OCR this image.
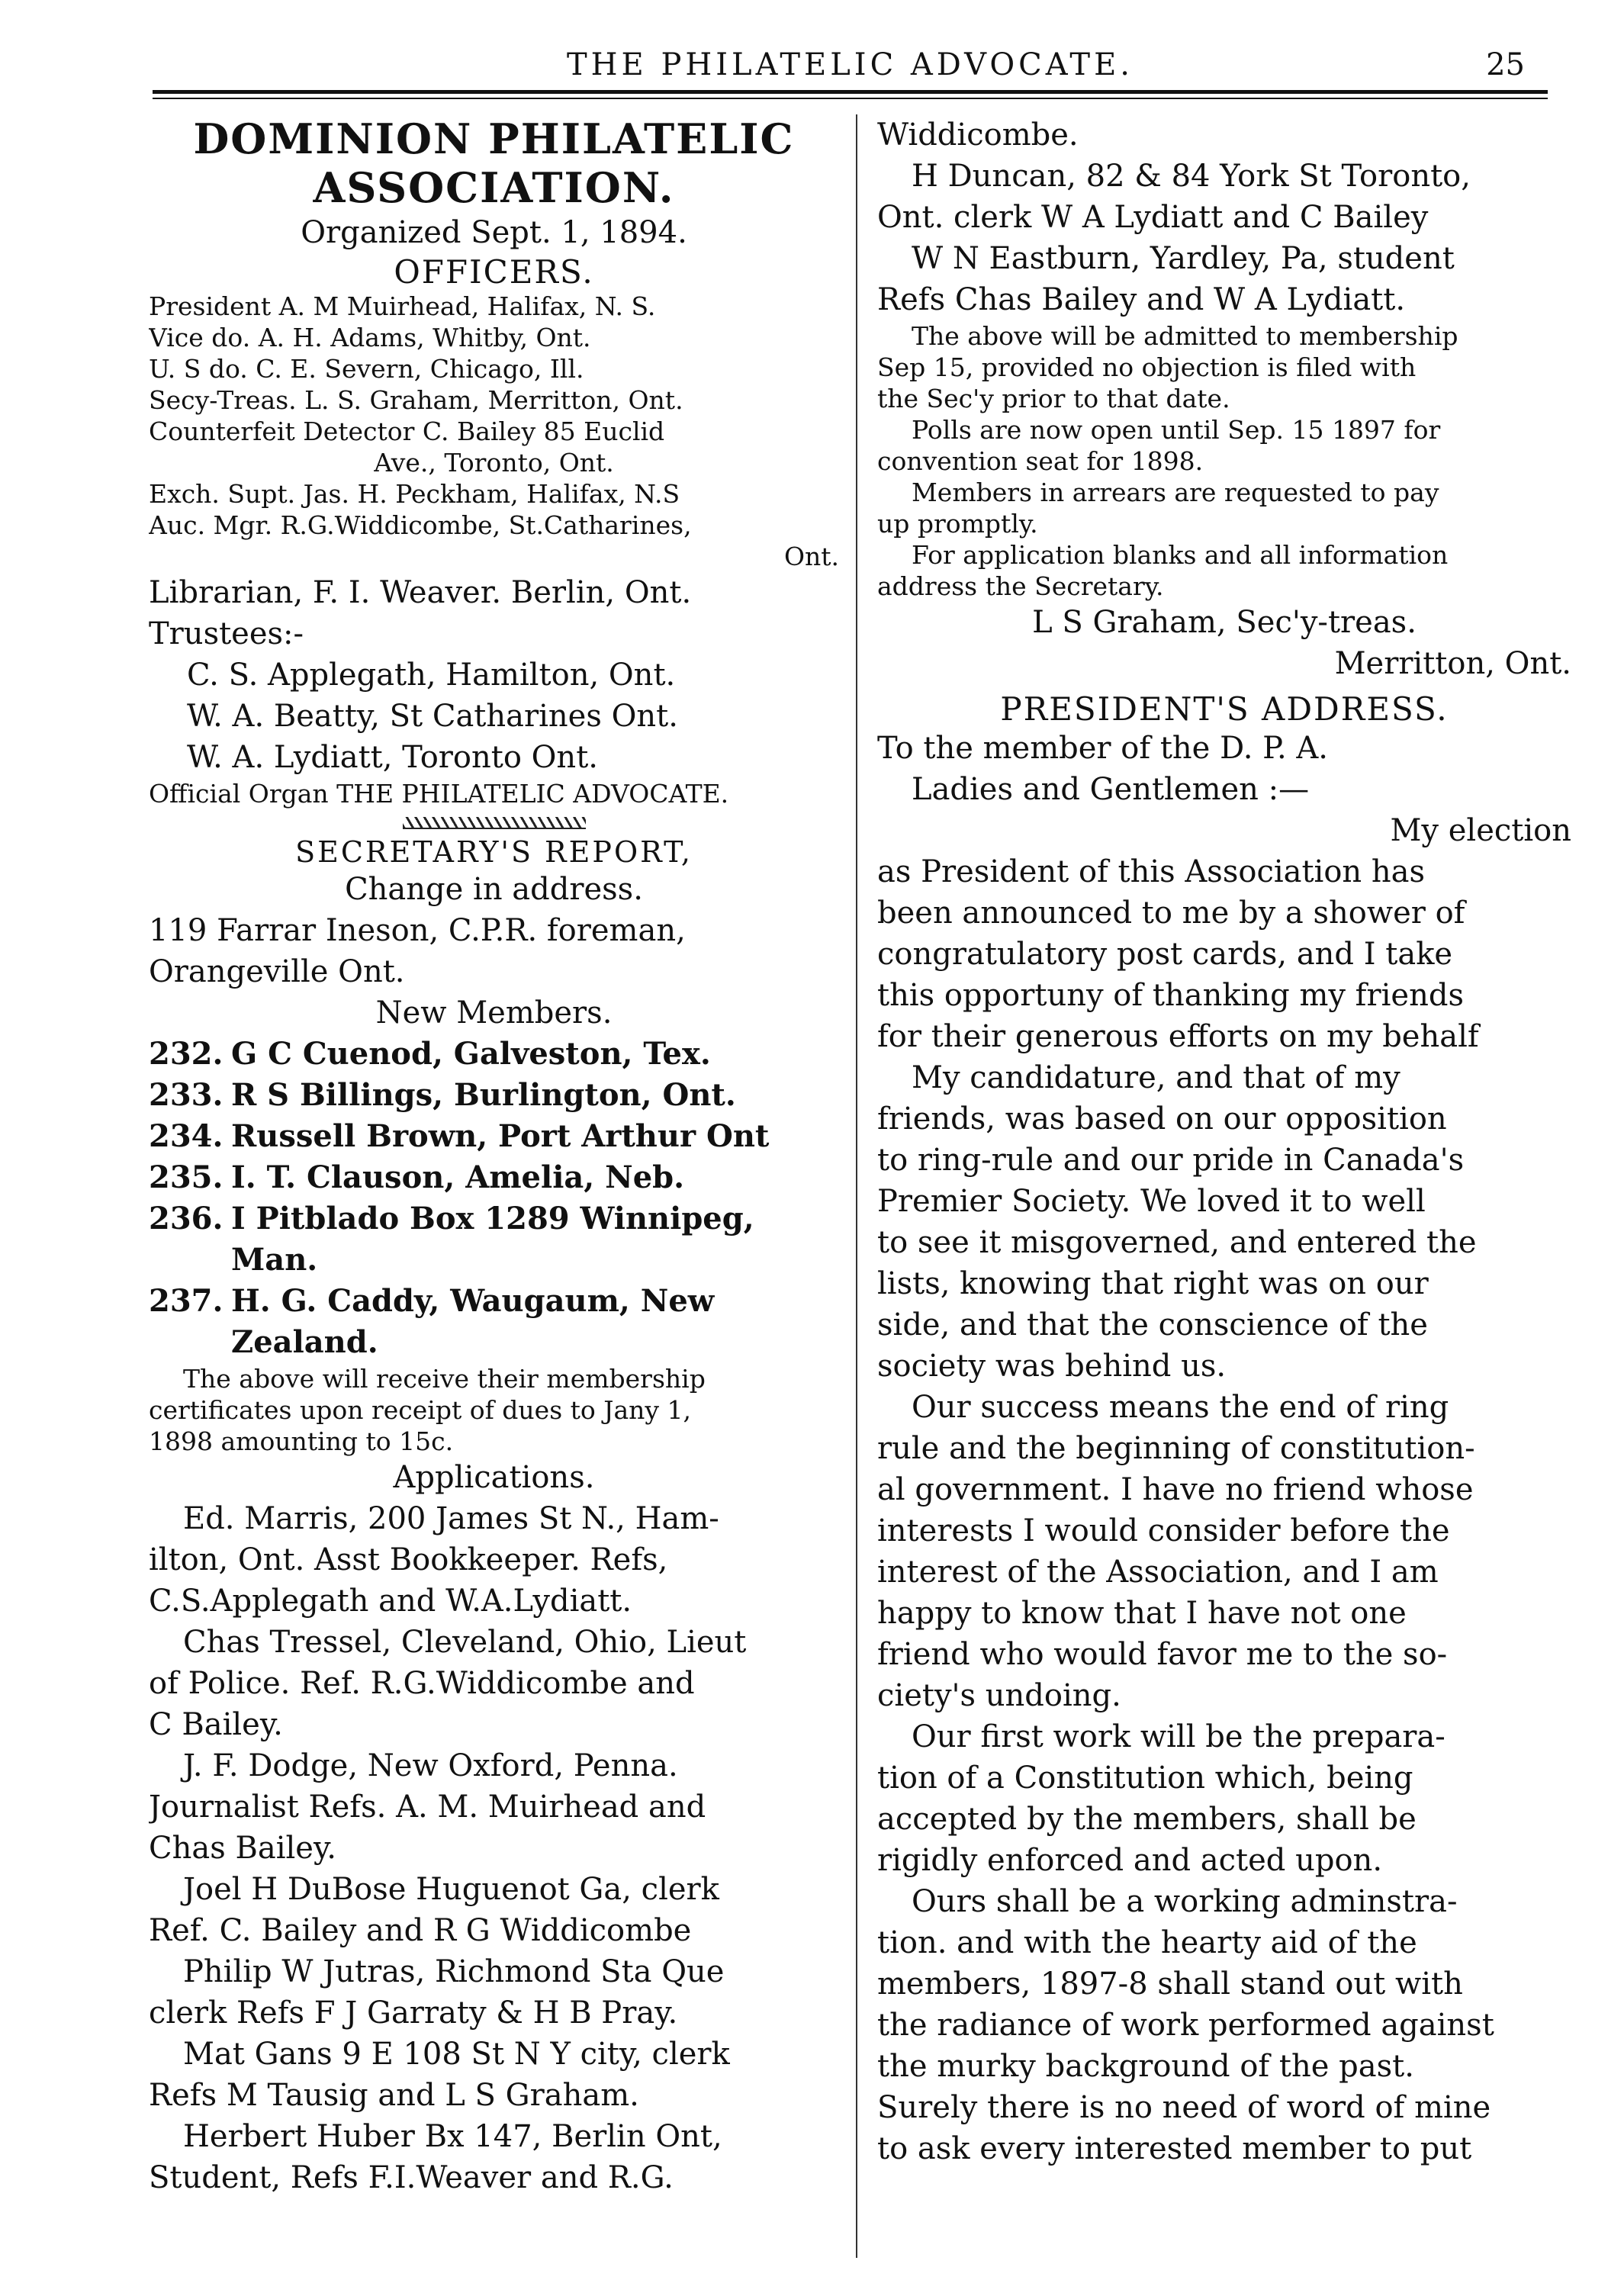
THE PHILATELIC ADVOCATE.	25

DOMINION PHILATELIC

ASSOCIATION.

Organized Sept. 1, 1894.

OFFICERS.

President A. M Muirhead, Halifax, N. S.

Vice do. A. H. Adams, Whitby, Ont.

U. S do. C. E. Severn, Chicago, Ill.

Secy-Treas. L. S. Graham, Merritton, Ont.

Counterfeit Detector C. Bailey 85 Euclid

Ave., Toronto, Ont.

Exch. Supt. Jas. H. Peckham, Halifax, N.S

Auc. Mgr. R.G.Widdicombe, St.Catharines,

Ont.

Librarian, F. I. Weaver. Berlin, Ont.

Trustees:-

C. S. Applegath, Hamilton, Ont.

W. A. Beatty, St Catharines Ont.

W. A. Lydiatt, Toronto Ont.

Official Organ THE PHILATELIC ADVOCATE.

SECRETARY'S REPORT,

Change in address.

119 Farrar Ineson, C.P.R. foreman,

Orangeville Ont.

New Members.

232. G C Cuenod, Galveston, Tex.

233. R S Billings, Burlington, Ont.

234. Russell Brown, Port Arthur Ont

235. I. T. Clauson, Amelia, Neb.

236. I Pitblado Box 1289 Winnipeg,

Man.

237. H. G. Caddy, Waugaum, New

Zealand.

The above will receive their membership

certificates upon receipt of dues to Jany 1,

1898 amounting to 15c.

Applications.

Ed. Marris, 200 James St N., Ham-

ilton, Ont. Asst Bookkeeper. Refs,

C.S.Applegath and W.A.Lydiatt.

Chas Tressel, Cleveland, Ohio, Lieut

of Police. Ref. R.G.Widdicombe and

C Bailey.

J. F. Dodge, New Oxford, Penna.

Journalist Refs. A. M. Muirhead and

Chas Bailey.

Joel H DuBose Huguenot Ga, clerk

Ref. C. Bailey and R G Widdicombe

Philip W Jutras, Richmond Sta Que

clerk Refs F J Garraty & H B Pray.

Mat Gans 9 E 108 St N Y city, clerk

Refs M Tausig and L S Graham.

Herbert Huber Bx 147, Berlin Ont,

Student, Refs F.I.Weaver and R.G.

Widdicombe.

H Duncan, 82 & 84 York St Toronto,

Ont. clerk W A Lydiatt and C Bailey

W N Eastburn, Yardley, Pa, student

Refs Chas Bailey and W A Lydiatt.

The above will be admitted to membership

Sep 15, provided no objection is filed with

the Sec'y prior to that date.

Polls are now open until Sep. 15 1897 for

convention seat for 1898.

Members in arrears are requested to pay

up promptly.

For application blanks and all information

address the Secretary.

L S Graham, Sec'y-treas.

Merritton, Ont.

PRESIDENT'S ADDRESS.

To the member of the D. P. A.

Ladies and Gentlemen :—

My election

as President of this Association has

been announced to me by a shower of

congratulatory post cards, and I take

this opportuny of thanking my friends

for their generous efforts on my behalf

My candidature, and that of my

friends, was based on our opposition

to ring-rule and our pride in Canada's

Premier Society. We loved it to well

to see it misgoverned, and entered the

lists, knowing that right was on our

side, and that the conscience of the

society was behind us.

Our success means the end of ring

rule and the beginning of constitution-

al government. I have no friend whose

interests I would consider before the

interest of the Association, and I am

happy to know that I have not one

friend who would favor me to the so-

ciety's undoing.

Our first work will be the prepara-

tion of a Constitution which, being

accepted by the members, shall be

rigidly enforced and acted upon.

Ours shall be a working adminstra-

tion. and with the hearty aid of the

members, 1897-8 shall stand out with

the radiance of work performed against

the murky background of the past.

Surely there is no need of word of mine

to ask every interested member to put
